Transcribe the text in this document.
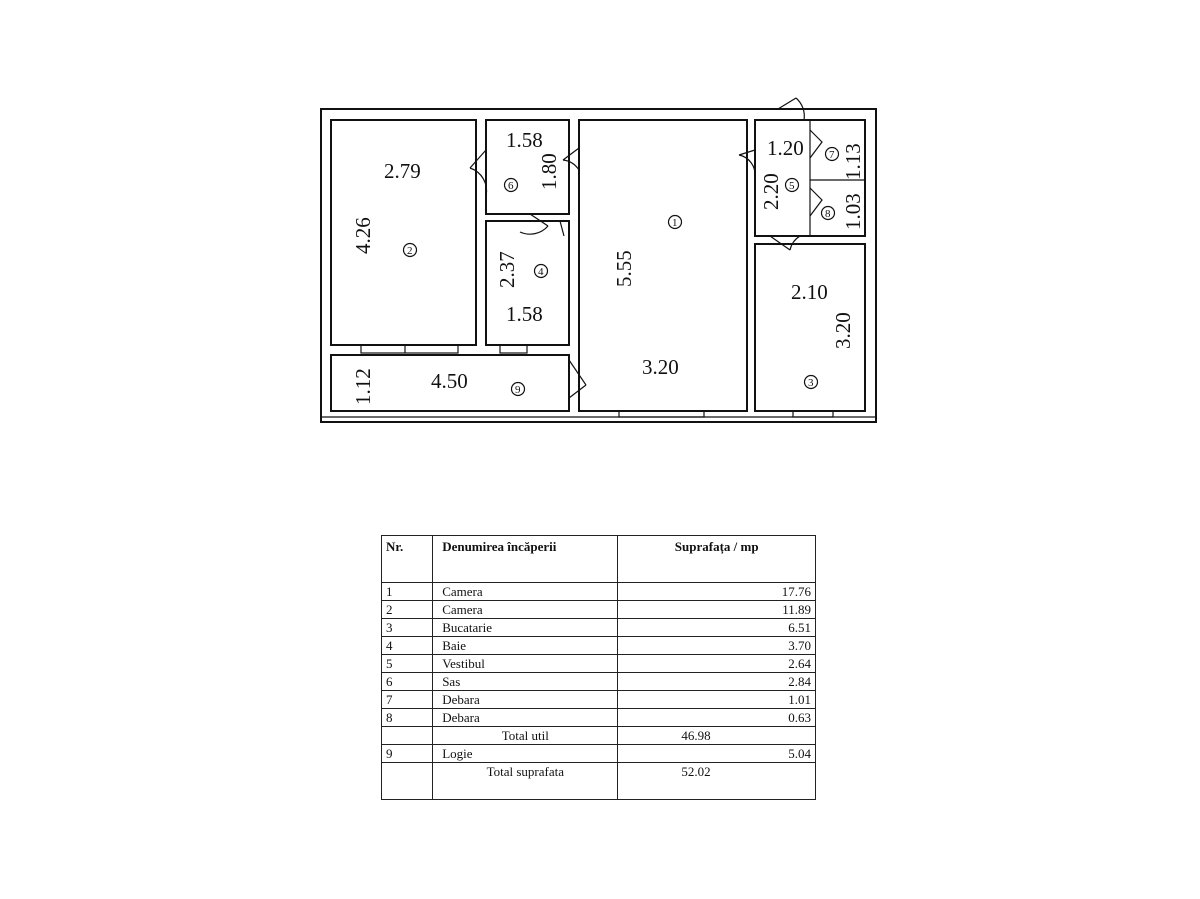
2.79
4.26
1.58
1.80
2.37
1.58
5.55
3.20
1.20
2.20
1.13
1.03
2.10
3.20
1.12	4.50
1
2
3
4
5
6
7
8
9
Nr.	Denumirea încăperii	Suprafața / mp
1	Camera	17.76
2	Camera	11.89
3	Bucatarie	6.51
4	Baie	3.70
5	Vestibul	2.64
6	Sas	2.84
7	Debara	1.01
8	Debara	0.63
	Total util	46.98
9	Logie	5.04
	Total suprafata	52.02
